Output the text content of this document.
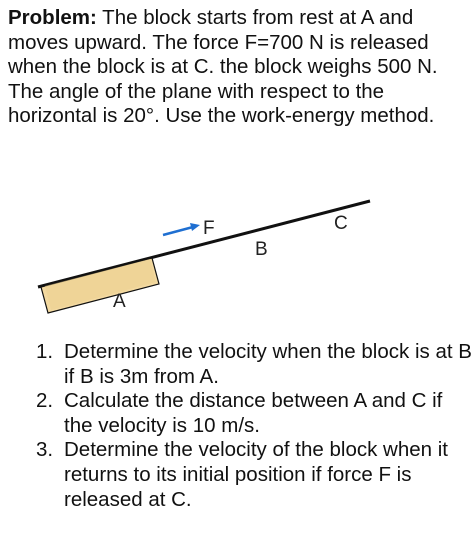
Problem: The block starts from rest at A and moves upward. The force F=700 N is released when the block is at C. the block weighs 500 N. The angle of the plane with respect to the horizontal is 20°. Use the work-energy method.

F
A
B
C
1. Determine the velocity when the block is at B if B is 3m from A.
2. Calculate the distance between A and C if the velocity is 10 m/s.
3. Determine the velocity of the block when it returns to its initial position if force F is released at C.
